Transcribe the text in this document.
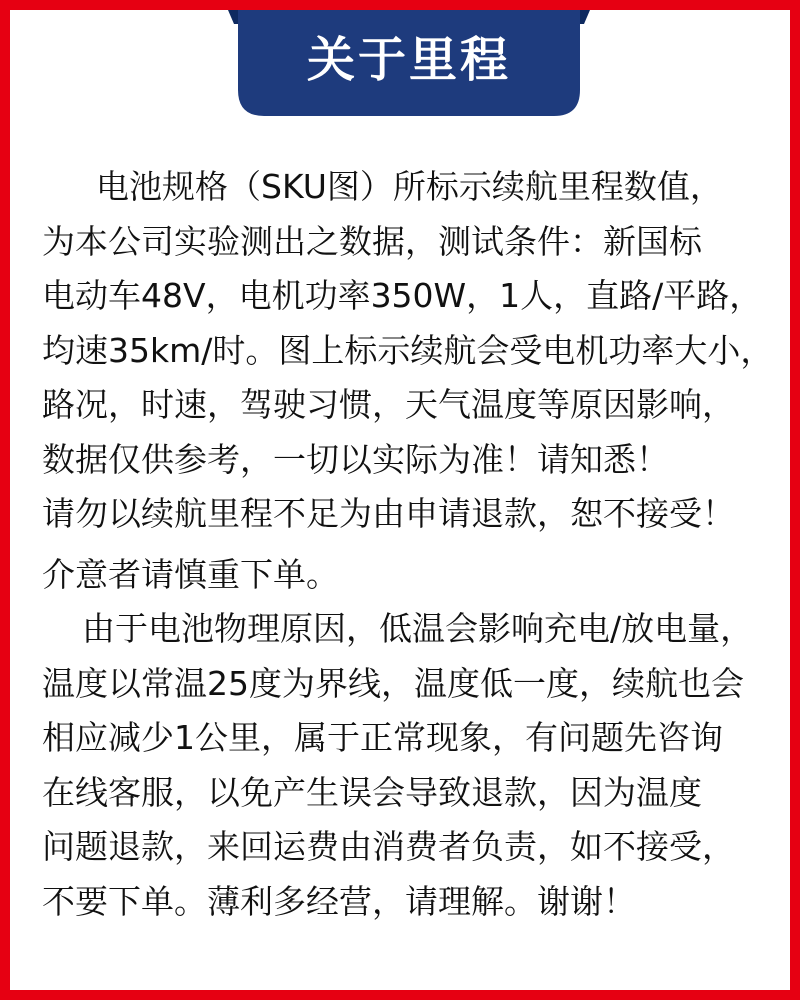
关于里程
电池规格（SKU图）所标示续航里程数值，
为本公司实验测出之数据，测试条件：新国标
电动车48V，电机功率350W，1人，直路/平路，
均速35km/时。图上标示续航会受电机功率大小，
路况，时速，驾驶习惯，天气温度等原因影响，
数据仅供参考，一切以实际为准！请知悉！
请勿以续航里程不足为由申请退款，恕不接受！
介意者请慎重下单。
由于电池物理原因，低温会影响充电/放电量，
温度以常温25度为界线，温度低一度，续航也会
相应减少1公里，属于正常现象，有问题先咨询
在线客服，以免产生误会导致退款，因为温度
问题退款，来回运费由消费者负责，如不接受，
不要下单。薄利多经营，请理解。谢谢！
